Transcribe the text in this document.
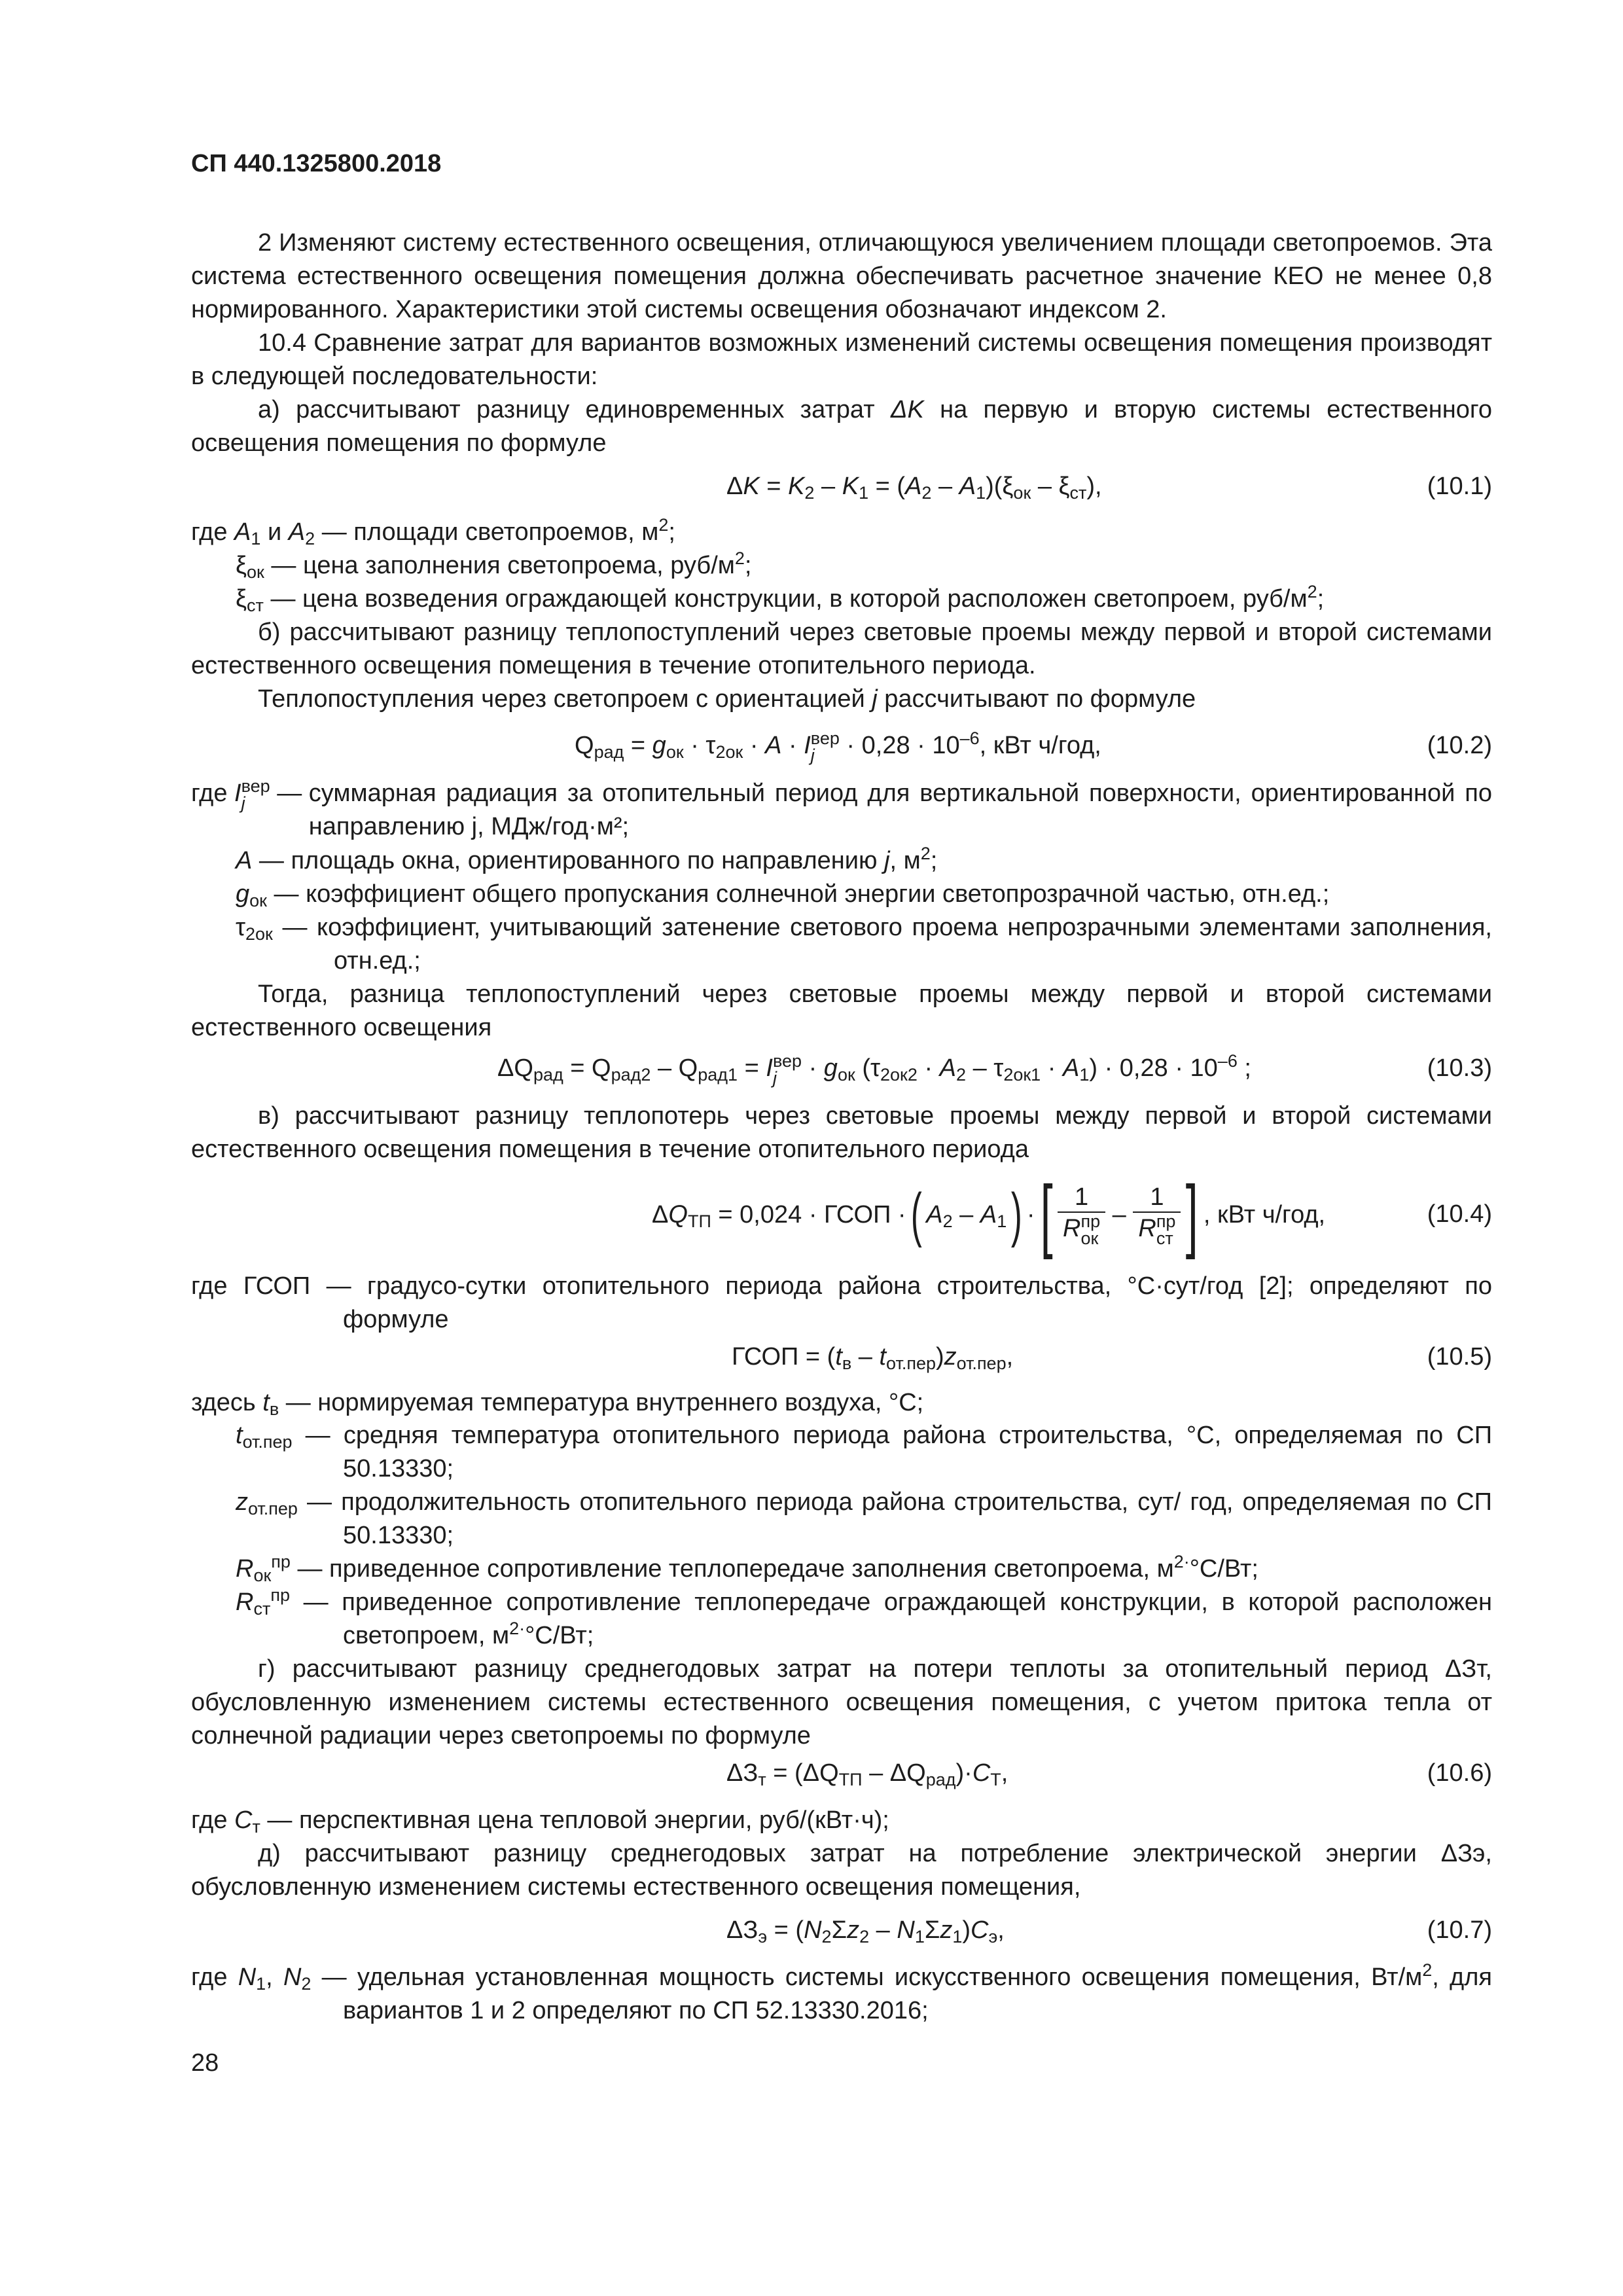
СП 440.1325800.2018
2 Изменяют систему естественного освещения, отличающуюся увеличением площади светопроемов. Эта система естественного освещения помещения должна обеспечивать расчетное значение КЕО не менее 0,8 нормированного. Характеристики этой системы освещения обозначают индексом 2.
10.4 Сравнение затрат для вариантов возможных изменений системы освещения помещения производят в следующей последовательности:
а) рассчитывают разницу единовременных затрат ΔK на первую и вторую системы естественного освещения помещения по формуле
$\Delta K = K_2 - K_1 = (A_2 - A_1)(\xi_{ок} - \xi_{ст})$,	(10.1)
где $A_1$ и $A_2$ — площади светопроемов, $м^2$;
$\xi_{ок}$ — цена заполнения светопроема, руб/$м^2$;
$\xi_{ст}$ — цена возведения ограждающей конструкции, в которой расположен светопроем, руб/$м^2$;
б) рассчитывают разницу теплопоступлений через световые проемы между первой и второй системами естественного освещения помещения в течение отопительного периода.
Теплопоступления через светопроем с ориентацией j рассчитывают по формуле
$Q_{рад} = g_{ок} \cdot \tau_{2ок} \cdot A \cdot I$ вер
j	· $0,28 \cdot 10^{-6}$, кВт ч/год,	(10.2)
где I вер
j	— суммарная радиация за отопительный период для вертикальной поверхности, ориентированной по направлению j, МДж/год·м²;
A — площадь окна, ориентированного по направлению j, $м^2$;
$g_{ок}$ — коэффициент общего пропускания солнечной энергии светопрозрачной частью, отн.ед.;
$\tau_{2ок}$ — коэффициент, учитывающий затенение светового проема непрозрачными элементами заполнения, отн.ед.;
Тогда, разница теплопоступлений через световые проемы между первой и второй системами естественного освещения
$\Delta Q_{рад} = Q_{рад2} - Q_{рад1} = I$ вер
j	· $g_{ок}$ $(\tau_{2ок2} \cdot A_2 - \tau_{2ок1} \cdot A_1) \cdot 0,28 \cdot 10^{-6}$ ;	(10.3)
в) рассчитывают разницу теплопотерь через световые проемы между первой и второй системами естественного освещения помещения в течение отопительного периода
$\Delta Q_{ТП} = 0,024$ · ГСОП · ( $A_2 - A_1$ ) · [ 1
R пр
ок – 1
R пр
ст ] , кВт ч/год,	(10.4)
где ГСОП — градусо-сутки отопительного периода района строительства, °С·сут/год [2]; определяют по формуле
ГСОП = $(t_в - t_{от.пер})z_{от.пер}$,	(10.5)
здесь $t_в$ — нормируемая температура внутреннего воздуха, °С;
$t_{от.пер}$ — средняя температура отопительного периода района строительства, °С, определяемая по СП 50.13330;
$z_{от.пер}$ — продолжительность отопительного периода района строительства, сут/ год, определяемая по СП 50.13330;
$R_{ок}^{пр}$ — приведенное сопротивление теплопередаче заполнения светопроема, $м^{2\cdot}^\circ С/Вт$;
$R_{ст}^{пр}$ — приведенное сопротивление теплопередаче ограждающей конструкции, в которой расположен светопроем, $м^{2\cdot}^\circ С/Вт$;
г) рассчитывают разницу среднегодовых затрат на потери теплоты за отопительный период ΔЗт, обусловленную изменением системы естественного освещения помещения, с учетом притока тепла от солнечной радиации через светопроемы по формуле
$\Delta З_т = (\Delta Q_{ТП} - \Delta Q_{рад})\cdot C_Т$,	(10.6)
где $C_т$ — перспективная цена тепловой энергии, руб/(кВт·ч);
д) рассчитывают разницу среднегодовых затрат на потребление электрической энергии ΔЗэ, обусловленную изменением системы естественного освещения помещения,
$\Delta З_э = (N_2\Sigma z_2 - N_1\Sigma z_1)C_э$,	(10.7)
где $N_1$, $N_2$ — удельная установленная мощность системы искусственного освещения помещения, $Вт/м^2$, для вариантов 1 и 2 определяют по СП 52.13330.2016;
28
